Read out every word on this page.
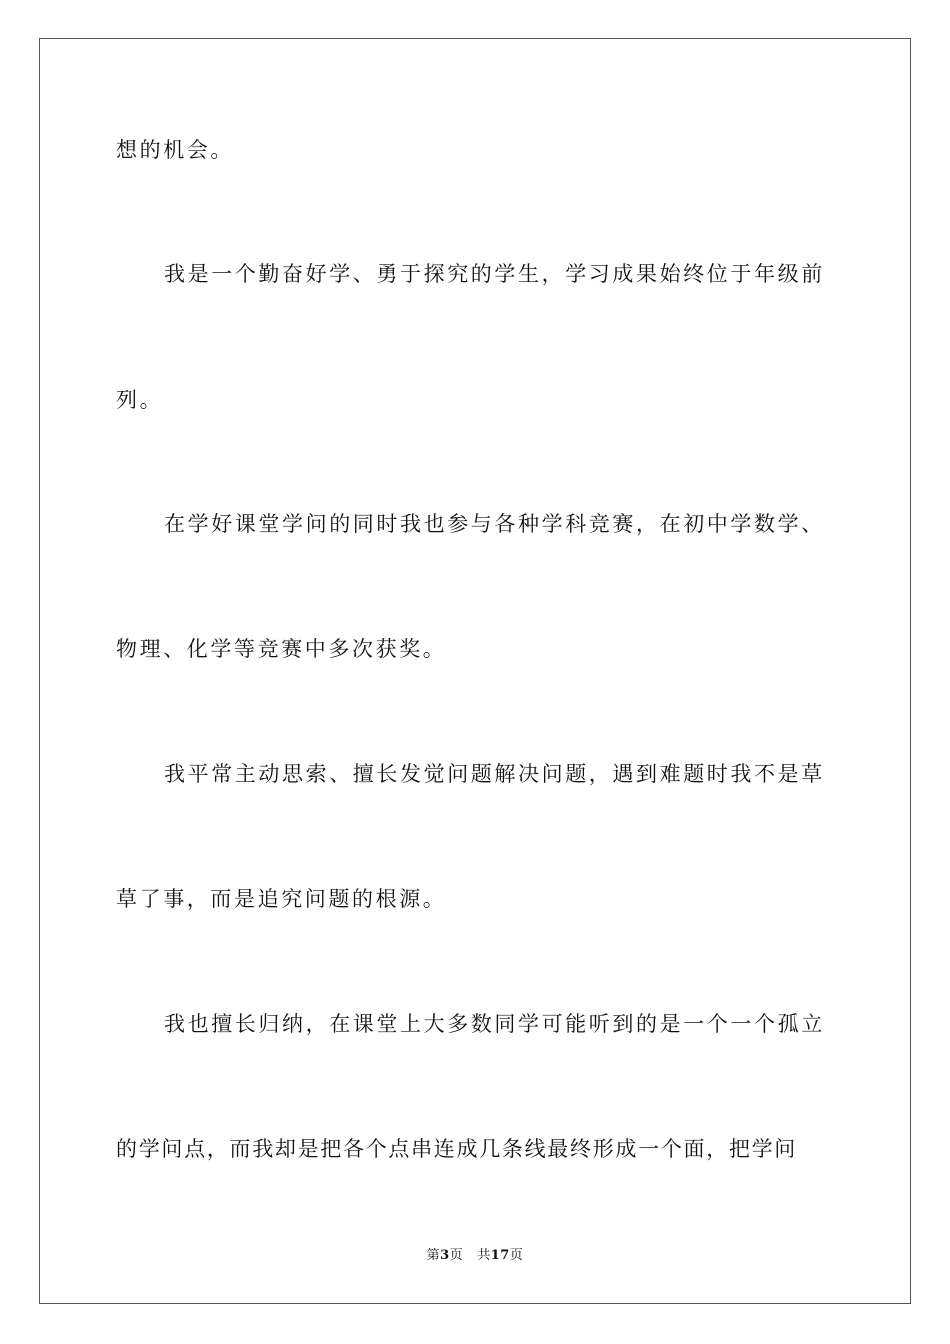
想的机会。
我是一个勤奋好学、勇于探究的学生，学习成果始终位于年级前
列。
在学好课堂学问的同时我也参与各种学科竞赛，在初中学数学、
物理、化学等竞赛中多次获奖。
我平常主动思索、擅长发觉问题解决问题，遇到难题时我不是草
草了事，而是追究问题的根源。
我也擅长归纳，在课堂上大多数同学可能听到的是一个一个孤立
的学问点，而我却是把各个点串连成几条线最终形成一个面，把学问
第3页 共17页
